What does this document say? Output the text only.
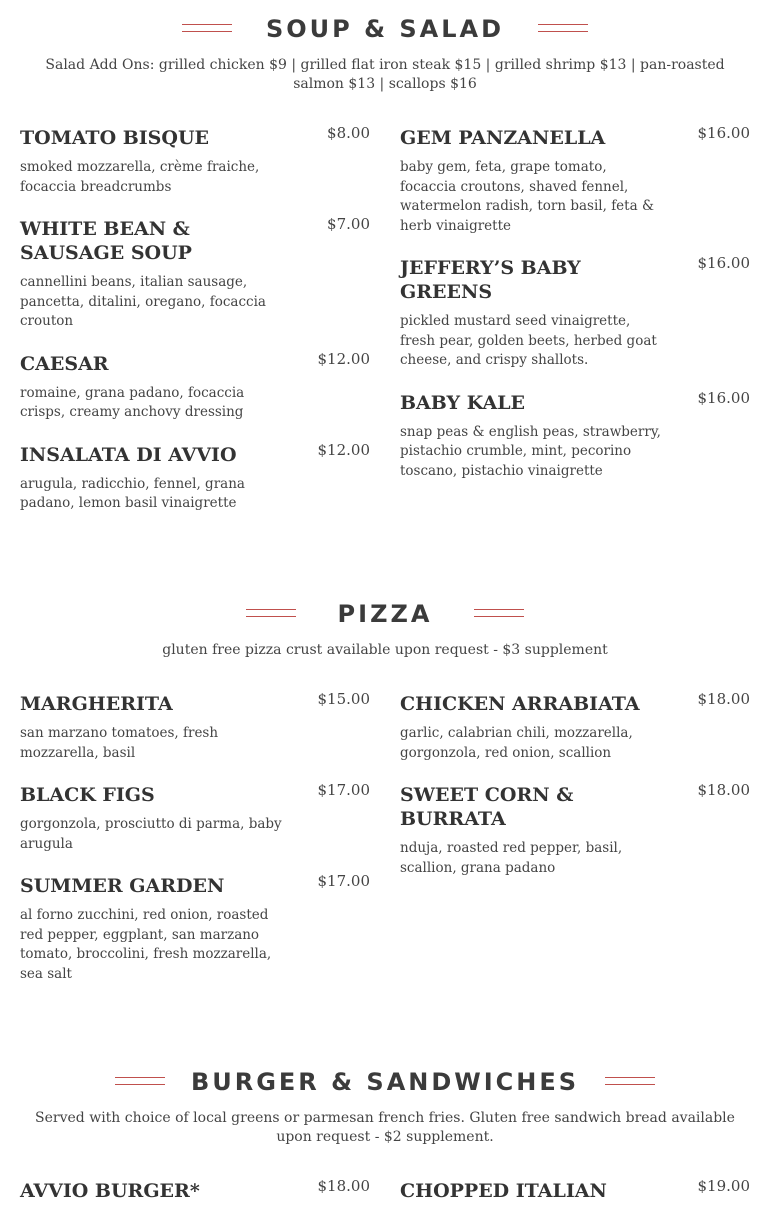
SOUP & SALAD
Salad Add Ons: grilled chicken $9 | grilled flat iron steak $15 | grilled shrimp $13 | pan-roasted salmon $13 | scallops $16
TOMATO BISQUE	$8.00
smoked mozzarella, crème fraiche, focaccia breadcrumbs
WHITE BEAN & SAUSAGE SOUP
$7.00
cannellini beans, italian sausage, pancetta, ditalini, oregano, focaccia crouton
CAESAR	$12.00
romaine, grana padano, focaccia crisps, creamy anchovy dressing
INSALATA DI AVVIO	$12.00
arugula, radicchio, fennel, grana padano, lemon basil vinaigrette
GEM PANZANELLA	$16.00
baby gem, feta, grape tomato, focaccia croutons, shaved fennel, watermelon radish, torn basil, feta & herb vinaigrette
JEFFERY’S BABY GREENS
$16.00
pickled mustard seed vinaigrette, fresh pear, golden beets, herbed goat cheese, and crispy shallots.
BABY KALE	$16.00
snap peas & english peas, strawberry, pistachio crumble, mint, pecorino toscano, pistachio vinaigrette
PIZZA
gluten free pizza crust available upon request - $3 supplement
MARGHERITA	$15.00
san marzano tomatoes, fresh mozzarella, basil
BLACK FIGS	$17.00
gorgonzola, prosciutto di parma, baby arugula
SUMMER GARDEN	$17.00
al forno zucchini, red onion, roasted red pepper, eggplant, san marzano tomato, broccolini, fresh mozzarella, sea salt
CHICKEN ARRABIATA	$18.00
garlic, calabrian chili, mozzarella, gorgonzola, red onion, scallion
SWEET CORN & BURRATA
$18.00
nduja, roasted red pepper, basil, scallion, grana padano
BURGER & SANDWICHES
Served with choice of local greens or parmesan french fries. Gluten free sandwich bread available upon request - $2 supplement.
AVVIO BURGER*	$18.00 CHOPPED ITALIAN	$19.00
